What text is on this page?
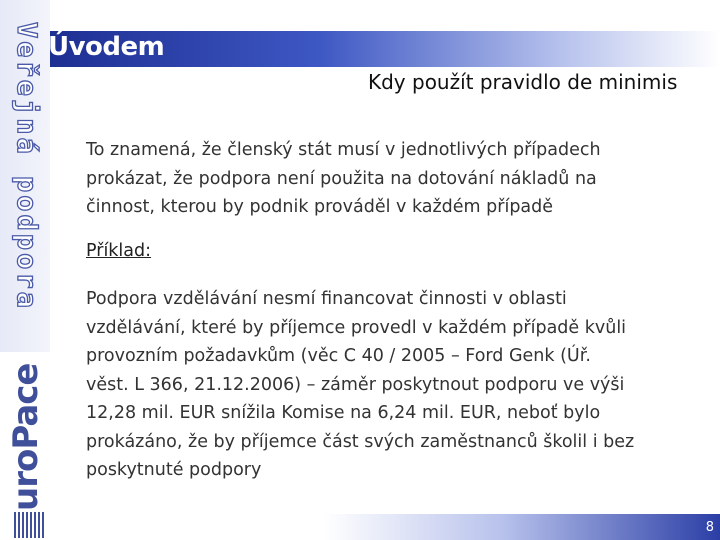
Veřejná podpora
uroPace
Úvodem
Kdy použít pravidlo de minimis
To znamená, že členský stát musí v jednotlivých případech
prokázat, že podpora není použita na dotování nákladů na
činnost, kterou by podnik prováděl v každém případě
Příklad:
Podpora vzdělávání nesmí financovat činnosti v oblasti
vzdělávání, které by příjemce provedl v každém případě kvůli
provozním požadavkům (věc C 40 / 2005 – Ford Genk (Úř.
věst. L 366, 21.12.2006) – záměr poskytnout podporu ve výši
12,28 mil. EUR snížila Komise na 6,24 mil. EUR, neboť bylo
prokázáno, že by příjemce část svých zaměstnanců školil i bez
poskytnuté podpory
8
